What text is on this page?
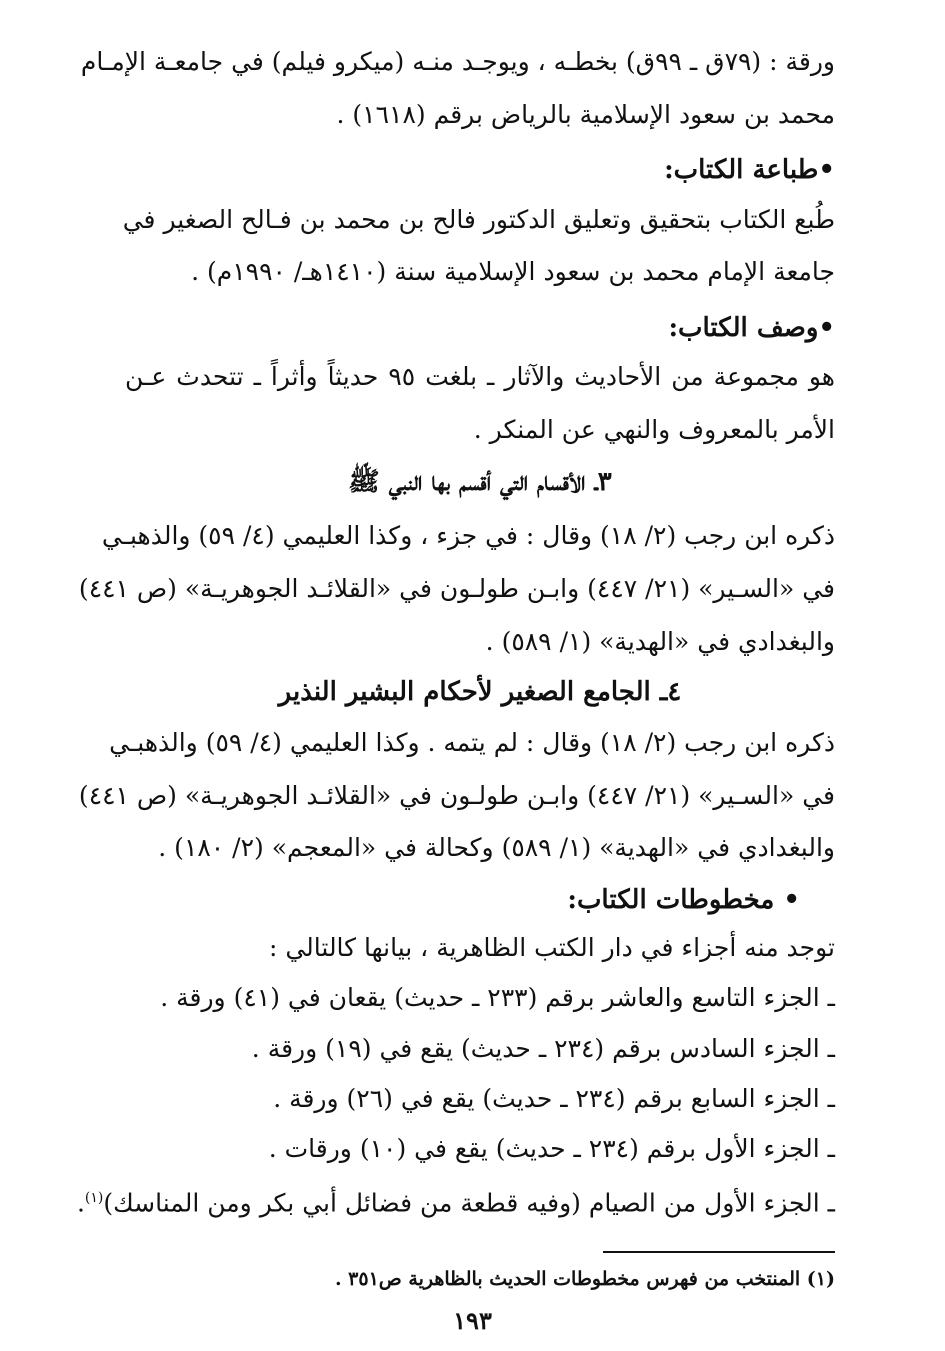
ورقة : (٧٩ق ـ ٩٩ق) بخطـه ، ويوجـد منـه (ميكرو فيلم) في جامعـة الإمـام
محمد بن سعود الإسلامية بالرياض برقم (١٦١٨) .
•طباعة الكتاب:
طُبع الكتاب بتحقيق وتعليق الدكتور فالح بن محمد بن فـالح الصغير في
جامعة الإمام محمد بن سعود الإسلامية سنة (١٤١٠هـ/ ١٩٩٠م) .
•وصف الكتاب:
هو مجموعة من الأحاديث والآثار ـ بلغت ٩٥ حديثاً وأثراً ـ تتحدث عـن
الأمر بالمعروف والنهي عن المنكر .
٣ـ الأقسام التي أقسم بها النبي ﷺ
ذكره ابن رجب (٢/ ١٨) وقال : في جزء ، وكذا العليمي (٤/ ٥٩) والذهبـي
في «السـير» (٢١/ ٤٤٧) وابـن طولـون في «القلائـد الجوهريـة» (ص ٤٤١)
والبغدادي في «الهدية» (١/ ٥٨٩) .
٤ـ الجامع الصغير لأحكام البشير النذير
ذكره ابن رجب (٢/ ١٨) وقال : لم يتمه . وكذا العليمي (٤/ ٥٩) والذهبـي
في «السـير» (٢١/ ٤٤٧) وابـن طولـون في «القلائـد الجوهريـة» (ص ٤٤١)
والبغدادي في «الهدية» (١/ ٥٨٩) وكحالة في «المعجم» (٢/ ١٨٠) .
• مخطوطات الكتاب:
توجد منه أجزاء في دار الكتب الظاهرية ، بيانها كالتالي :
ـ الجزء التاسع والعاشر برقم (٢٣٣ ـ حديث) يقعان في (٤١) ورقة .
ـ الجزء السادس برقم (٢٣٤ ـ حديث) يقع في (١٩) ورقة .
ـ الجزء السابع برقم (٢٣٤ ـ حديث) يقع في (٢٦) ورقة .
ـ الجزء الأول برقم (٢٣٤ ـ حديث) يقع في (١٠) ورقات .
ـ الجزء الأول من الصيام (وفيه قطعة من فضائل أبي بكر ومن المناسك)$^{(١)}$.
(١) المنتخب من فهرس مخطوطات الحديث بالظاهرية ص٣٥١ .
١٩٣
